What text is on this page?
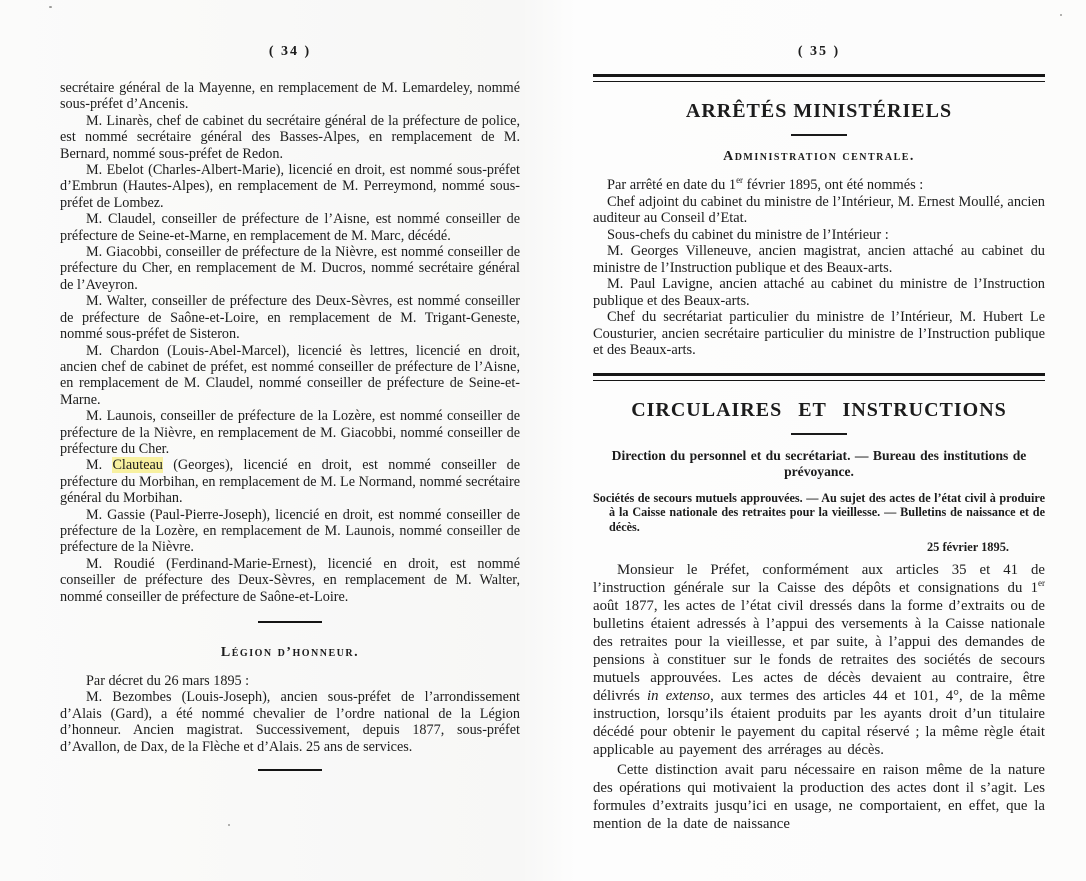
( 34 )

secrétaire général de la Mayenne, en remplacement de M. Lemardeley, nommé sous-préfet d’Ancenis.

M. Linarès, chef de cabinet du secrétaire général de la préfecture de police, est nommé secrétaire général des Basses-Alpes, en remplacement de M. Bernard, nommé sous-préfet de Redon.

M. Ebelot (Charles-Albert-Marie), licencié en droit, est nommé sous-préfet d’Embrun (Hautes-Alpes), en remplacement de M. Perreymond, nommé sous-préfet de Lombez.

M. Claudel, conseiller de préfecture de l’Aisne, est nommé conseiller de préfecture de Seine-et-Marne, en remplacement de M. Marc, décédé.

M. Giacobbi, conseiller de préfecture de la Nièvre, est nommé conseiller de préfecture du Cher, en remplacement de M. Ducros, nommé secrétaire général de l’Aveyron.

M. Walter, conseiller de préfecture des Deux-Sèvres, est nommé conseiller de préfecture de Saône-et-Loire, en remplacement de M. Trigant-Geneste, nommé sous-préfet de Sisteron.

M. Chardon (Louis-Abel-Marcel), licencié ès lettres, licencié en droit, ancien chef de cabinet de préfet, est nommé conseiller de préfecture de l’Aisne, en remplacement de M. Claudel, nommé conseiller de préfecture de Seine-et-Marne.

M. Launois, conseiller de préfecture de la Lozère, est nommé conseiller de préfecture de la Nièvre, en remplacement de M. Giacobbi, nommé conseiller de préfecture du Cher.

M. Clauteau (Georges), licencié en droit, est nommé conseiller de préfecture du Morbihan, en remplacement de M. Le Normand, nommé secrétaire général du Morbihan.

M. Gassie (Paul-Pierre-Joseph), licencié en droit, est nommé conseiller de préfecture de la Lozère, en remplacement de M. Launois, nommé conseiller de préfecture de la Nièvre.

M. Roudié (Ferdinand-Marie-Ernest), licencié en droit, est nommé conseiller de préfecture des Deux-Sèvres, en remplacement de M. Walter, nommé conseiller de préfecture de Saône-et-Loire.

Légion d’honneur.

Par décret du 26 mars 1895 :

M. Bezombes (Louis-Joseph), ancien sous-préfet de l’arrondissement d’Alais (Gard), a été nommé chevalier de l’ordre national de la Légion d’honneur. Ancien magistrat. Successivement, depuis 1877, sous-préfet d’Avallon, de Dax, de la Flèche et d’Alais. 25 ans de services.

( 35 )
ARRÊTÉS MINISTÉRIELS
Administration centrale.

Par arrêté en date du 1er février 1895, ont été nommés :

Chef adjoint du cabinet du ministre de l’Intérieur, M. Ernest Moullé, ancien auditeur au Conseil d’Etat.

Sous-chefs du cabinet du ministre de l’Intérieur :

M. Georges Villeneuve, ancien magistrat, ancien attaché au cabinet du ministre de l’Instruction publique et des Beaux-arts.

M. Paul Lavigne, ancien attaché au cabinet du ministre de l’Instruction publique et des Beaux-arts.

Chef du secrétariat particulier du ministre de l’Intérieur, M. Hubert Le Cousturier, ancien secrétaire particulier du ministre de l’Instruction publique et des Beaux-arts.

CIRCULAIRES ET INSTRUCTIONS
Direction du personnel et du secrétariat. — Bureau des institutions de prévoyance.

Sociétés de secours mutuels approuvées. — Au sujet des actes de l’état civil à produire à la Caisse nationale des retraites pour la vieillesse. — Bulletins de naissance et de décès.

25 février 1895.

Monsieur le Préfet, conformément aux articles 35 et 41 de l’instruction générale sur la Caisse des dépôts et consignations du 1er août 1877, les actes de l’état civil dressés dans la forme d’extraits ou de bulletins étaient adressés à l’appui des versements à la Caisse nationale des retraites pour la vieillesse, et par suite, à l’appui des demandes de pensions à constituer sur le fonds de retraites des sociétés de secours mutuels approuvées. Les actes de décès devaient au contraire, être délivrés in extenso, aux termes des articles 44 et 101, 4°, de la même instruction, lorsqu’ils étaient produits par les ayants droit d’un titulaire décédé pour obtenir le payement du capital réservé ; la même règle était applicable au payement des arrérages au décès.

Cette distinction avait paru nécessaire en raison même de la nature des opérations qui motivaient la production des actes dont il s’agit. Les formules d’extraits jusqu’ici en usage, ne comportaient, en effet, que la mention de la date de naissance
